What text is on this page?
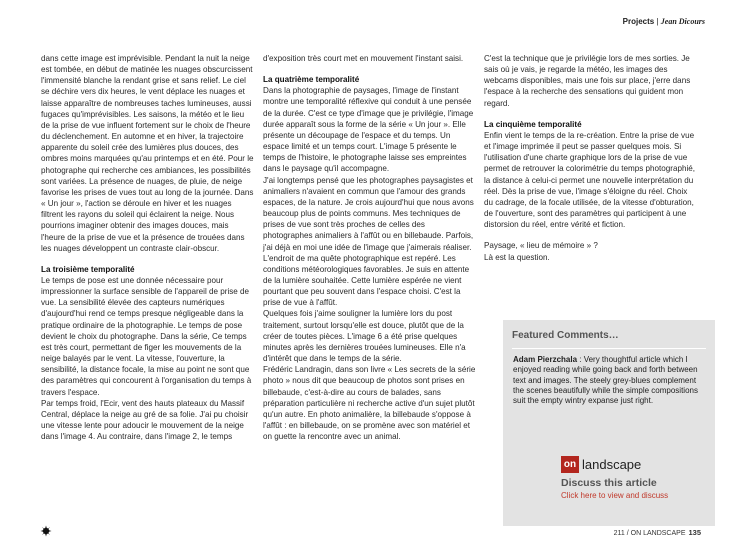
Projects | Jean Dicours

dans cette image est imprévisible. Pendant la nuit la neige est tombée, en début de matinée les nuages obscurcissent l'immensité blanche la rendant grise et sans relief. Le ciel se déchire vers dix heures, le vent déplace les nuages et laisse apparaître de nombreuses taches lumineuses, aussi fugaces qu'imprévisibles. Les saisons, la météo et le lieu de la prise de vue influent fortement sur le choix de l'heure du déclenchement. En automne et en hiver, la trajectoire apparente du soleil crée des lumières plus douces, des ombres moins marquées qu'au printemps et en été. Pour le photographe qui recherche ces ambiances, les possibilités sont variées. La présence de nuages, de pluie, de neige favorise les prises de vues tout au long de la journée. Dans « Un jour », l'action se déroule en hiver et les nuages filtrent les rayons du soleil qui éclairent la neige. Nous pourrions imaginer obtenir des images douces, mais l'heure de la prise de vue et la présence de trouées dans les nuages développent un contraste clair-obscur.

La troisième temporalité

Le temps de pose est une donnée nécessaire pour impressionner la surface sensible de l'appareil de prise de vue. La sensibilité élevée des capteurs numériques d'aujourd'hui rend ce temps presque négligeable dans la pratique ordinaire de la photographie. Le temps de pose devient le choix du photographe. Dans la série, Ce temps est très court, permettant de figer les mouvements de la neige balayés par le vent. La vitesse, l'ouverture, la sensibilité, la distance focale, la mise au point ne sont que des paramètres qui concourent à l'organisation du temps à travers l'espace.

Par temps froid, l'Ecir, vent des hauts plateaux du Massif Central, déplace la neige au gré de sa folie. J'ai pu choisir une vitesse lente pour adoucir le mouvement de la neige dans l'image 4. Au contraire, dans l'image 2, le temps

d'exposition très court met en mouvement l'instant saisi.

La quatrième temporalité

Dans la photographie de paysages, l'image de l'instant montre une temporalité réflexive qui conduit à une pensée de la durée. C'est ce type d'image que je privilégie, l'image durée apparaît sous la forme de la série « Un jour ». Elle présente un découpage de l'espace et du temps. Un espace limité et un temps court. L'image 5 présente le temps de l'histoire, le photographe laisse ses empreintes dans le paysage qu'il accompagne.

J'ai longtemps pensé que les photographes paysagistes et animaliers n'avaient en commun que l'amour des grands espaces, de la nature. Je crois aujourd'hui que nous avons beaucoup plus de points communs. Mes techniques de prises de vue sont très proches de celles des photographes animaliers à l'affût ou en billebaude. Parfois, j'ai déjà en moi une idée de l'image que j'aimerais réaliser. L'endroit de ma quête photographique est repéré. Les conditions météorologiques favorables. Je suis en attente de la lumière souhaitée. Cette lumière espérée ne vient pourtant que peu souvent dans l'espace choisi. C'est la prise de vue à l'affût.

Quelques fois j'aime souligner la lumière lors du post traitement, surtout lorsqu'elle est douce, plutôt que de la créer de toutes pièces. L'image 6 a été prise quelques minutes après les dernières trouées lumineuses. Elle n'a d'intérêt que dans le temps de la série.

Frédéric Landragin, dans son livre « Les secrets de la série photo » nous dit que beaucoup de photos sont prises en billebaude, c'est-à-dire au cours de balades, sans préparation particulière ni recherche active d'un sujet plutôt qu'un autre. En photo animalière, la billebaude s'oppose à l'affût : en billebaude, on se promène avec son matériel et on guette la rencontre avec un animal.

C'est la technique que je privilégie lors de mes sorties. Je sais où je vais, je regarde la météo, les images des webcams disponibles, mais une fois sur place, j'erre dans l'espace à la recherche des sensations qui guident mon regard.

La cinquième temporalité

Enfin vient le temps de la re-création. Entre la prise de vue et l'image imprimée il peut se passer quelques mois. Si l'utilisation d'une charte graphique lors de la prise de vue permet de retrouver la colorimétrie du temps photographié, la distance à celui-ci permet une nouvelle interprétation du réel. Dès la prise de vue, l'image s'éloigne du réel. Choix du cadrage, de la focale utilisée, de la vitesse d'obturation, de l'ouverture, sont des paramètres qui participent à une distorsion du réel, entre vérité et fiction.

Paysage, « lieu de mémoire » ?

Là est la question.

Featured Comments…
Adam Pierzchala : Very thoughtful article which I enjoyed reading while going back and forth between text and images. The steely grey-blues complement the scenes beautifully while the simple compositions suit the empty wintry expanse just right.
on landscape
Discuss this article
Click here to view and discuss
211 / ON LANDSCAPE 135
